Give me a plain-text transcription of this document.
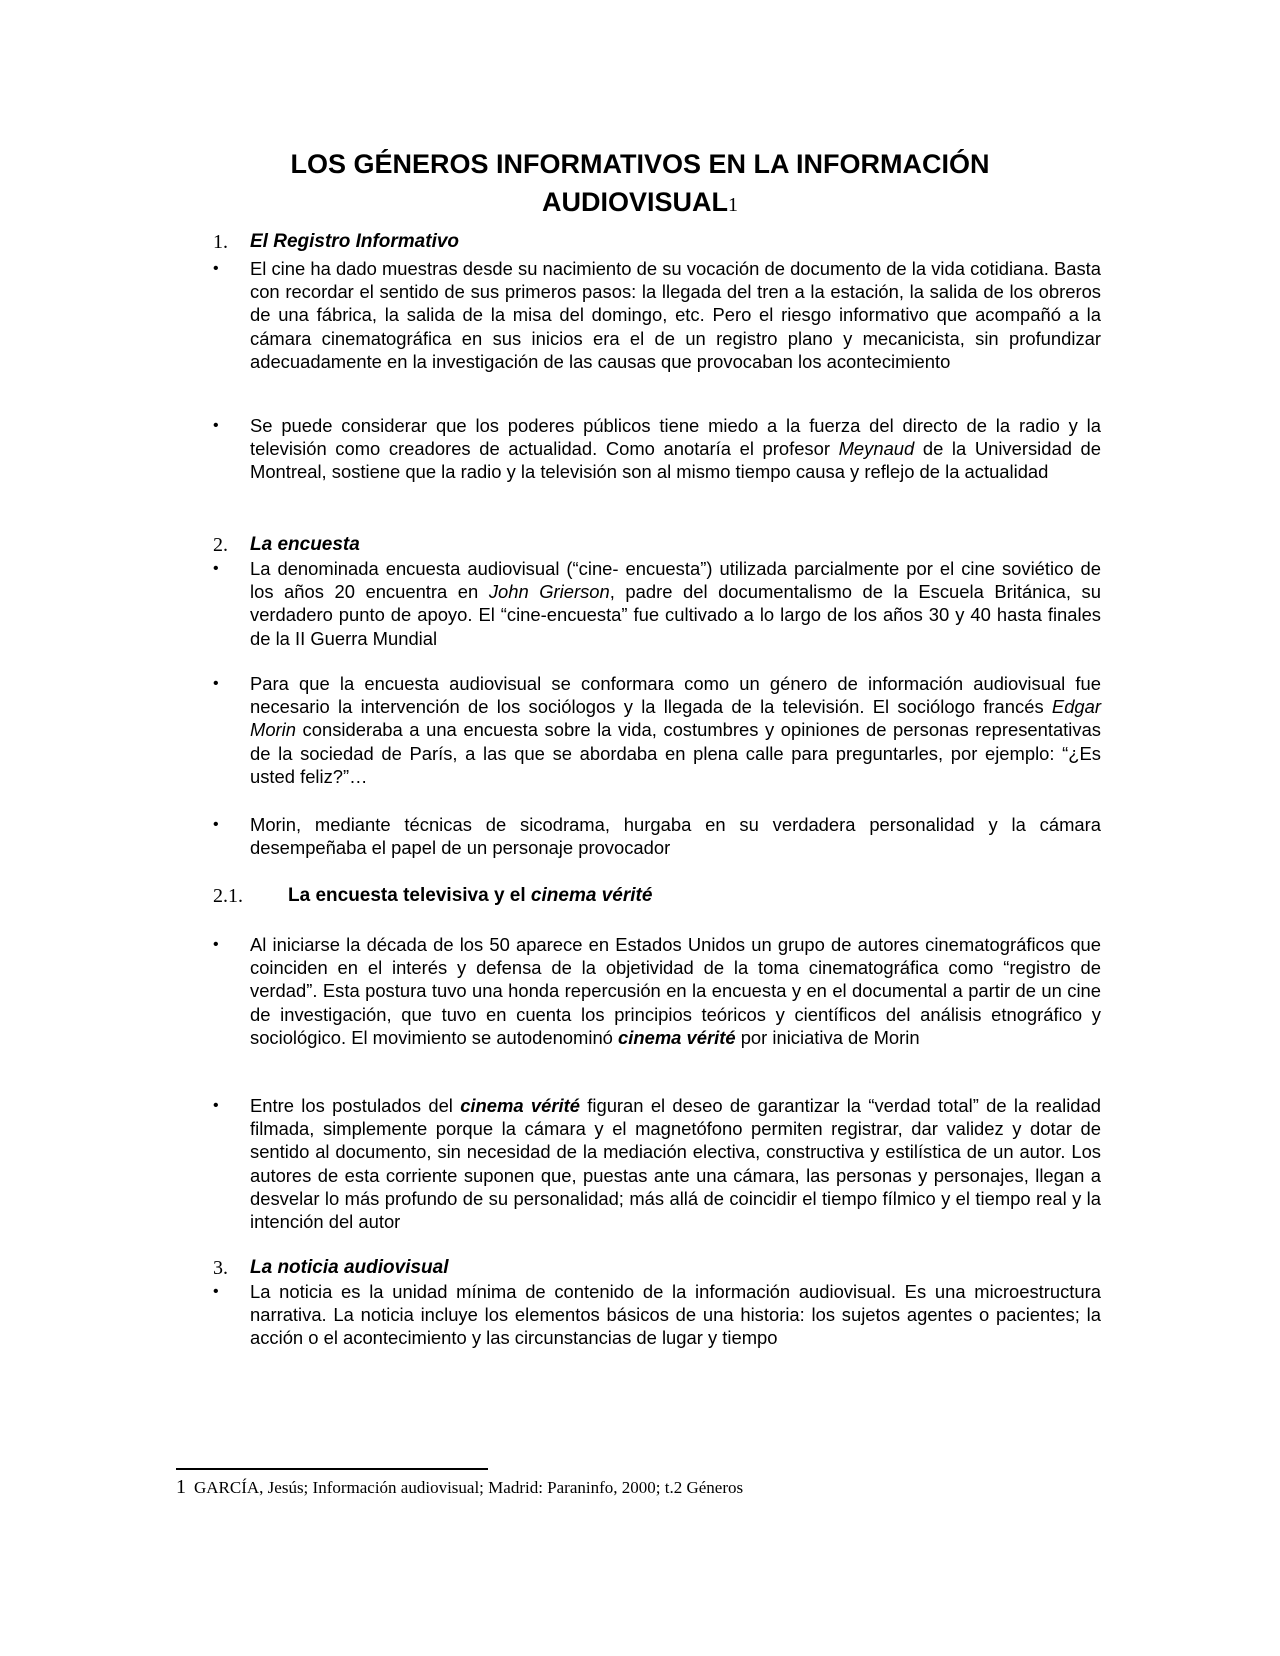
LOS GÉNEROS INFORMATIVOS EN LA INFORMACIÓN
AUDIOVISUAL1
1. El Registro Informativo
• El cine ha dado muestras desde su nacimiento de su vocación de documento de la vida cotidiana. Basta con recordar el sentido de sus primeros pasos: la llegada del tren a la estación, la salida de los obreros de una fábrica, la salida de la misa del domingo, etc. Pero el riesgo informativo que acompañó a la cámara cinematográfica en sus inicios era el de un registro plano y mecanicista, sin profundizar adecuadamente en la investigación de las causas que provocaban los acontecimiento
• Se puede considerar que los poderes públicos tiene miedo a la fuerza del directo de la radio y la televisión como creadores de actualidad. Como anotaría el profesor Meynaud de la Universidad de Montreal, sostiene que la radio y la televisión son al mismo tiempo causa y reflejo de la actualidad
2. La encuesta
• La denominada encuesta audiovisual (“cine- encuesta”) utilizada parcialmente por el cine soviético de los años 20 encuentra en John Grierson, padre del documentalismo de la Escuela Británica, su verdadero punto de apoyo. El “cine-encuesta” fue cultivado a lo largo de los años 30 y 40 hasta finales de la II Guerra Mundial
• Para que la encuesta audiovisual se conformara como un género de información audiovisual fue necesario la intervención de los sociólogos y la llegada de la televisión. El sociólogo francés Edgar Morin consideraba a una encuesta sobre la vida, costumbres y opiniones de personas representativas de la sociedad de París, a las que se abordaba en plena calle para preguntarles, por ejemplo: “¿Es usted feliz?”…
• Morin, mediante técnicas de sicodrama, hurgaba en su verdadera personalidad y la cámara desempeñaba el papel de un personaje provocador
2.1. La encuesta televisiva y el cinema vérité
• Al iniciarse la década de los 50 aparece en Estados Unidos un grupo de autores cinematográficos que coinciden en el interés y defensa de la objetividad de la toma cinematográfica como “registro de verdad”. Esta postura tuvo una honda repercusión en la encuesta y en el documental a partir de un cine de investigación, que tuvo en cuenta los principios teóricos y científicos del análisis etnográfico y sociológico. El movimiento se autodenominó cinema vérité por iniciativa de Morin
• Entre los postulados del cinema vérité figuran el deseo de garantizar la “verdad total” de la realidad filmada, simplemente porque la cámara y el magnetófono permiten registrar, dar validez y dotar de sentido al documento, sin necesidad de la mediación electiva, constructiva y estilística de un autor. Los autores de esta corriente suponen que, puestas ante una cámara, las personas y personajes, llegan a desvelar lo más profundo de su personalidad; más allá de coincidir el tiempo fílmico y el tiempo real y la intención del autor
3. La noticia audiovisual
• La noticia es la unidad mínima de contenido de la información audiovisual. Es una microestructura narrativa. La noticia incluye los elementos básicos de una historia: los sujetos agentes o pacientes; la acción o el acontecimiento y las circunstancias de lugar y tiempo
1 GARCÍA, Jesús; Información audiovisual; Madrid: Paraninfo, 2000; t.2 Géneros
